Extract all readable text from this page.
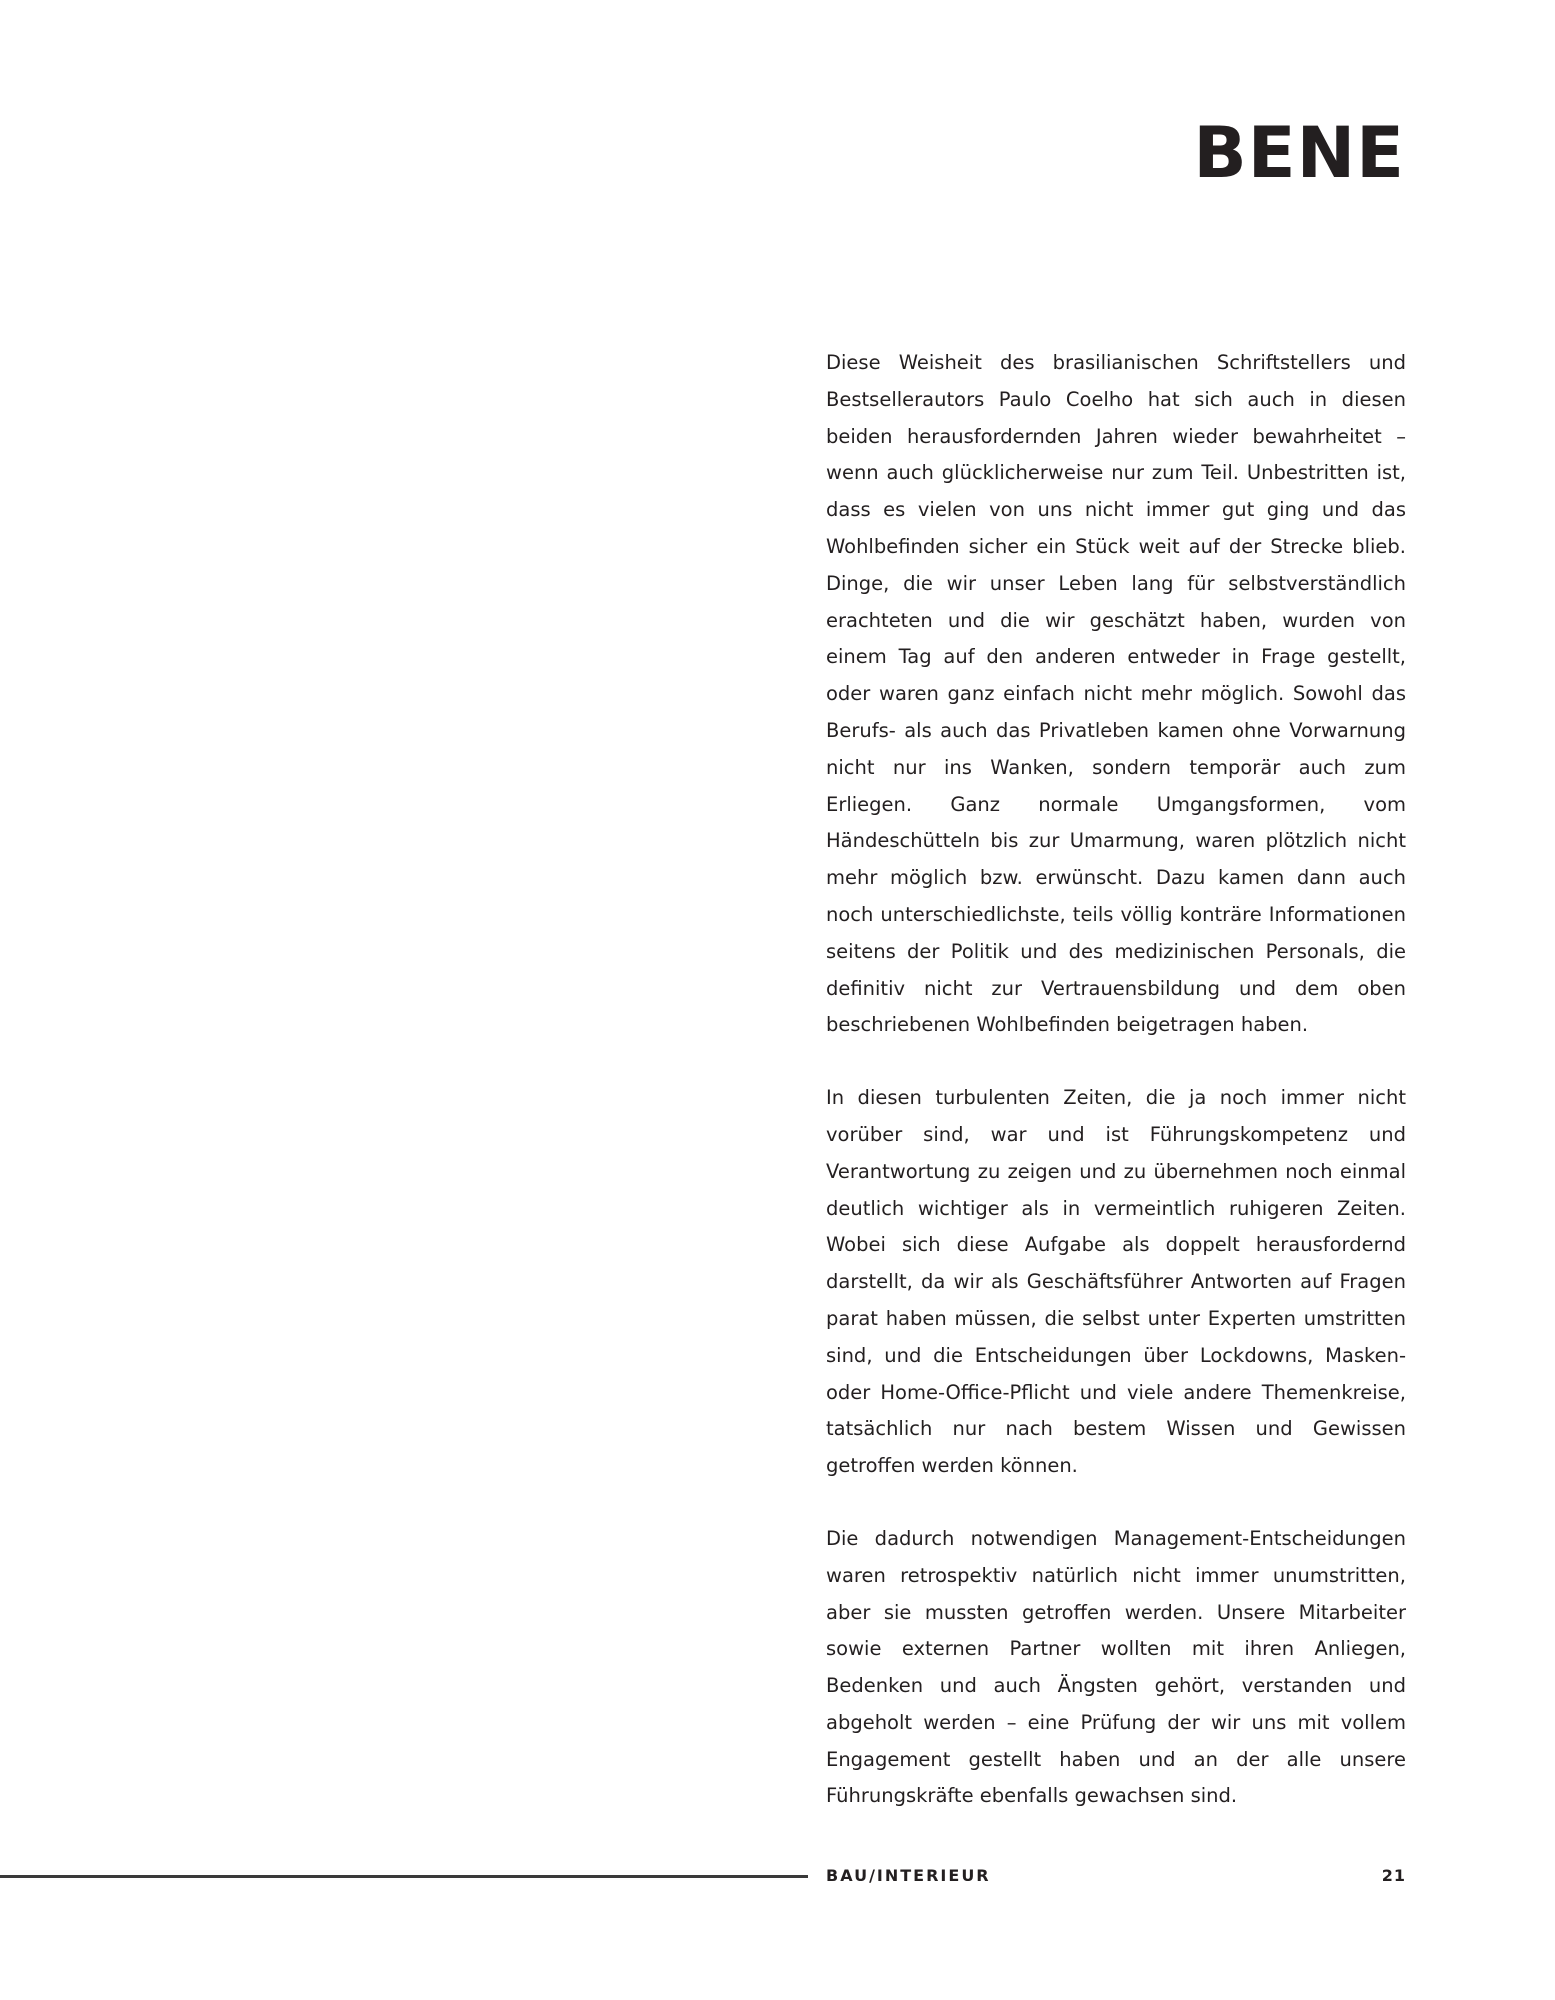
BENE

Diese Weisheit des brasilianischen Schriftstellers und Bestsellerautors Paulo Coelho hat sich auch in diesen beiden herausfordernden Jahren wieder bewahrheitet – wenn auch glücklicherweise nur zum Teil. Unbestritten ist, dass es vielen von uns nicht immer gut ging und das Wohlbefinden sicher ein Stück weit auf der Strecke blieb. Dinge, die wir unser Leben lang für selbstverständlich erachteten und die wir geschätzt haben, wurden von einem Tag auf den anderen entweder in Frage gestellt, oder waren ganz einfach nicht mehr möglich. Sowohl das Berufs- als auch das Privatleben kamen ohne Vorwarnung nicht nur ins Wanken, sondern temporär auch zum Erliegen. Ganz normale Umgangsformen, vom Händeschütteln bis zur Umarmung, waren plötzlich nicht mehr möglich bzw. erwünscht. Dazu kamen dann auch noch unterschiedlichste, teils völlig konträre Informationen seitens der Politik und des medizinischen Personals, die definitiv nicht zur Vertrauensbildung und dem oben beschriebenen Wohlbefinden beigetragen haben.

In diesen turbulenten Zeiten, die ja noch immer nicht vorüber sind, war und ist Führungskompetenz und Verantwortung zu zeigen und zu übernehmen noch einmal deutlich wichtiger als in vermeintlich ruhigeren Zeiten. Wobei sich diese Aufgabe als doppelt herausfordernd darstellt, da wir als Geschäftsführer Antworten auf Fragen parat haben müssen, die selbst unter Experten umstritten sind, und die Entscheidungen über Lockdowns, Masken- oder Home-Office-Pflicht und viele andere Themenkreise, tatsächlich nur nach bestem Wissen und Gewissen getroffen werden können.

Die dadurch notwendigen Management-Entscheidungen waren retrospektiv natürlich nicht immer unumstritten, aber sie mussten getroffen werden. Unsere Mitarbeiter sowie externen Partner wollten mit ihren Anliegen, Bedenken und auch Ängsten gehört, verstanden und abgeholt werden – eine Prüfung der wir uns mit vollem Engagement gestellt haben und an der alle unsere Führungskräfte ebenfalls gewachsen sind.

BAU/INTERIEUR	21
